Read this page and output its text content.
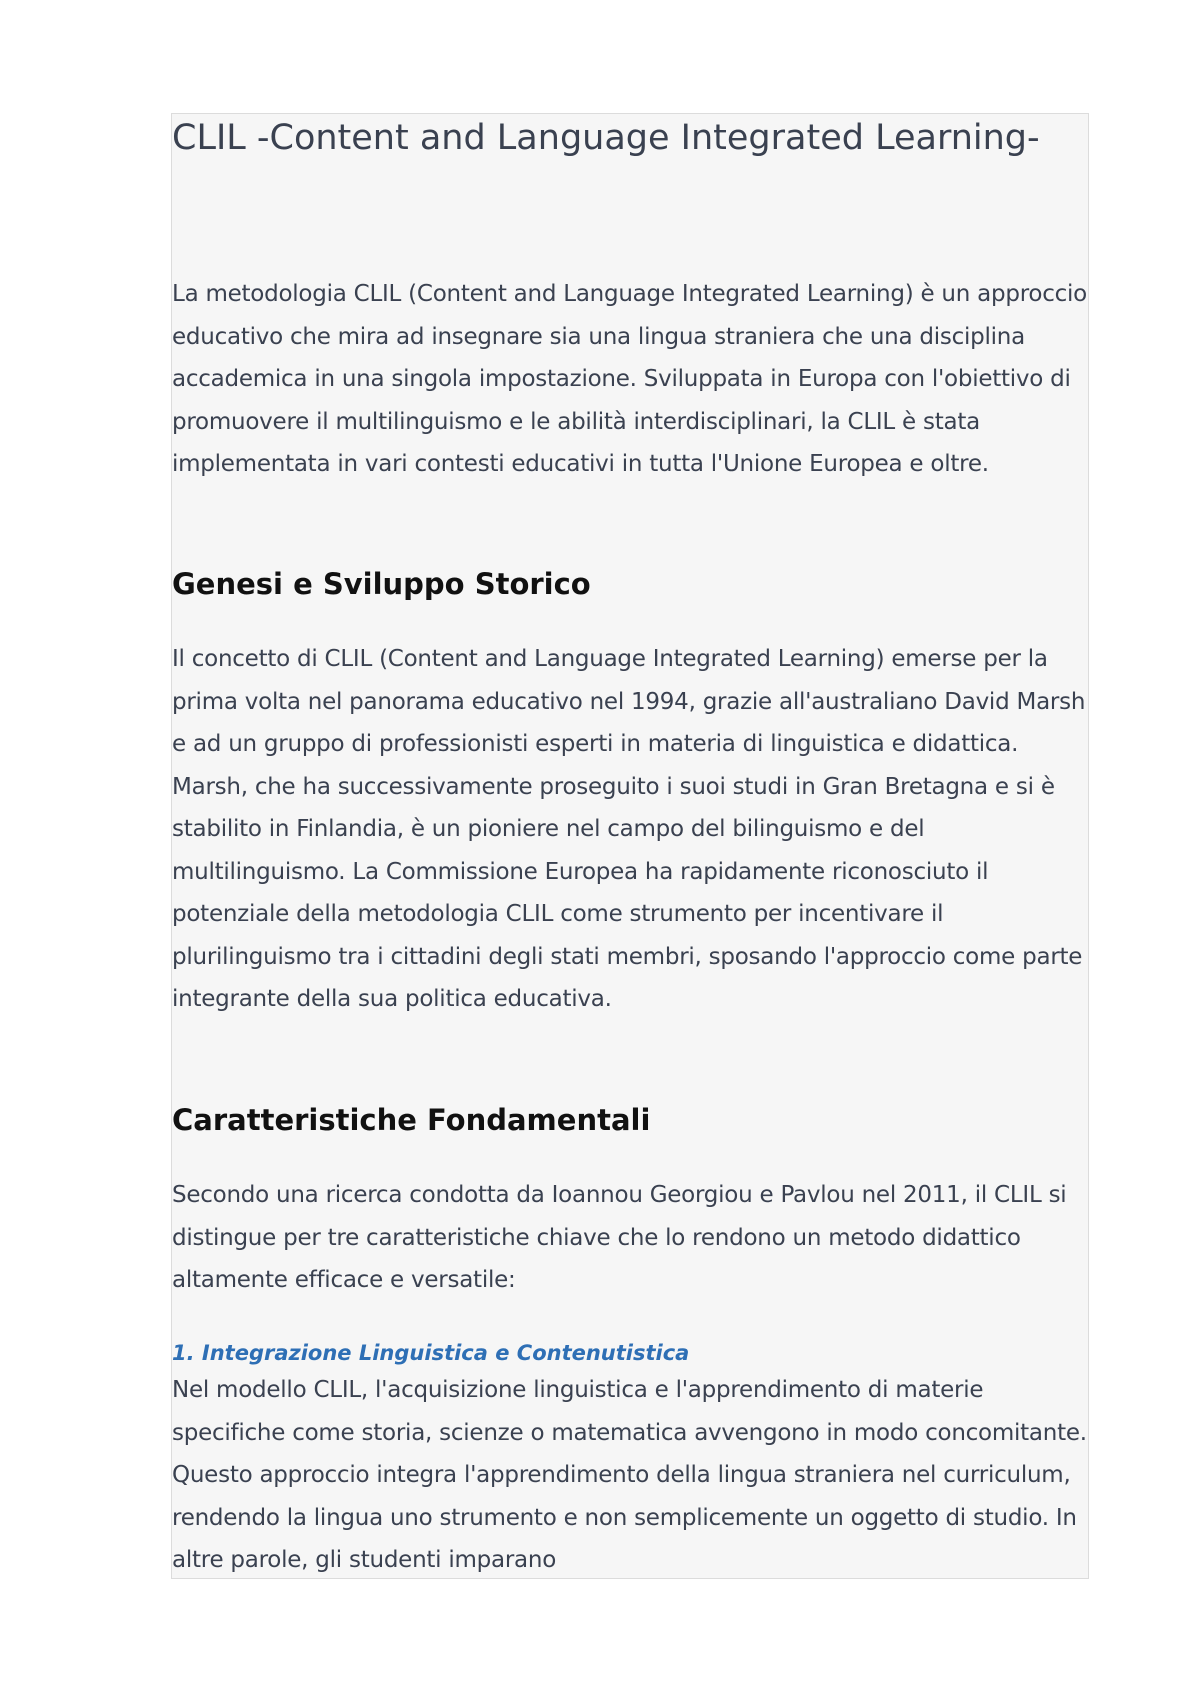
CLIL -Content and Language Integrated Learning-

La metodologia CLIL (Content and Language Integrated Learning) è un approccio educativo che mira ad insegnare sia una lingua straniera che una disciplina accademica in una singola impostazione. Sviluppata in Europa con l'obiettivo di promuovere il multilinguismo e le abilità interdisciplinari, la CLIL è stata implementata in vari contesti educativi in tutta l'Unione Europea e oltre.

Genesi e Sviluppo Storico

Il concetto di CLIL (Content and Language Integrated Learning) emerse per la prima volta nel panorama educativo nel 1994, grazie all'australiano David Marsh e ad un gruppo di professionisti esperti in materia di linguistica e didattica. Marsh, che ha successivamente proseguito i suoi studi in Gran Bretagna e si è stabilito in Finlandia, è un pioniere nel campo del bilinguismo e del multilinguismo. La Commissione Europea ha rapidamente riconosciuto il potenziale della metodologia CLIL come strumento per incentivare il plurilinguismo tra i cittadini degli stati membri, sposando l'approccio come parte integrante della sua politica educativa.

Caratteristiche Fondamentali

Secondo una ricerca condotta da Ioannou Georgiou e Pavlou nel 2011, il CLIL si distingue per tre caratteristiche chiave che lo rendono un metodo didattico altamente efficace e versatile:

1. Integrazione Linguistica e Contenutistica

Nel modello CLIL, l'acquisizione linguistica e l'apprendimento di materie specifiche come storia, scienze o matematica avvengono in modo concomitante. Questo approccio integra l'apprendimento della lingua straniera nel curriculum, rendendo la lingua uno strumento e non semplicemente un oggetto di studio. In altre parole, gli studenti imparano
